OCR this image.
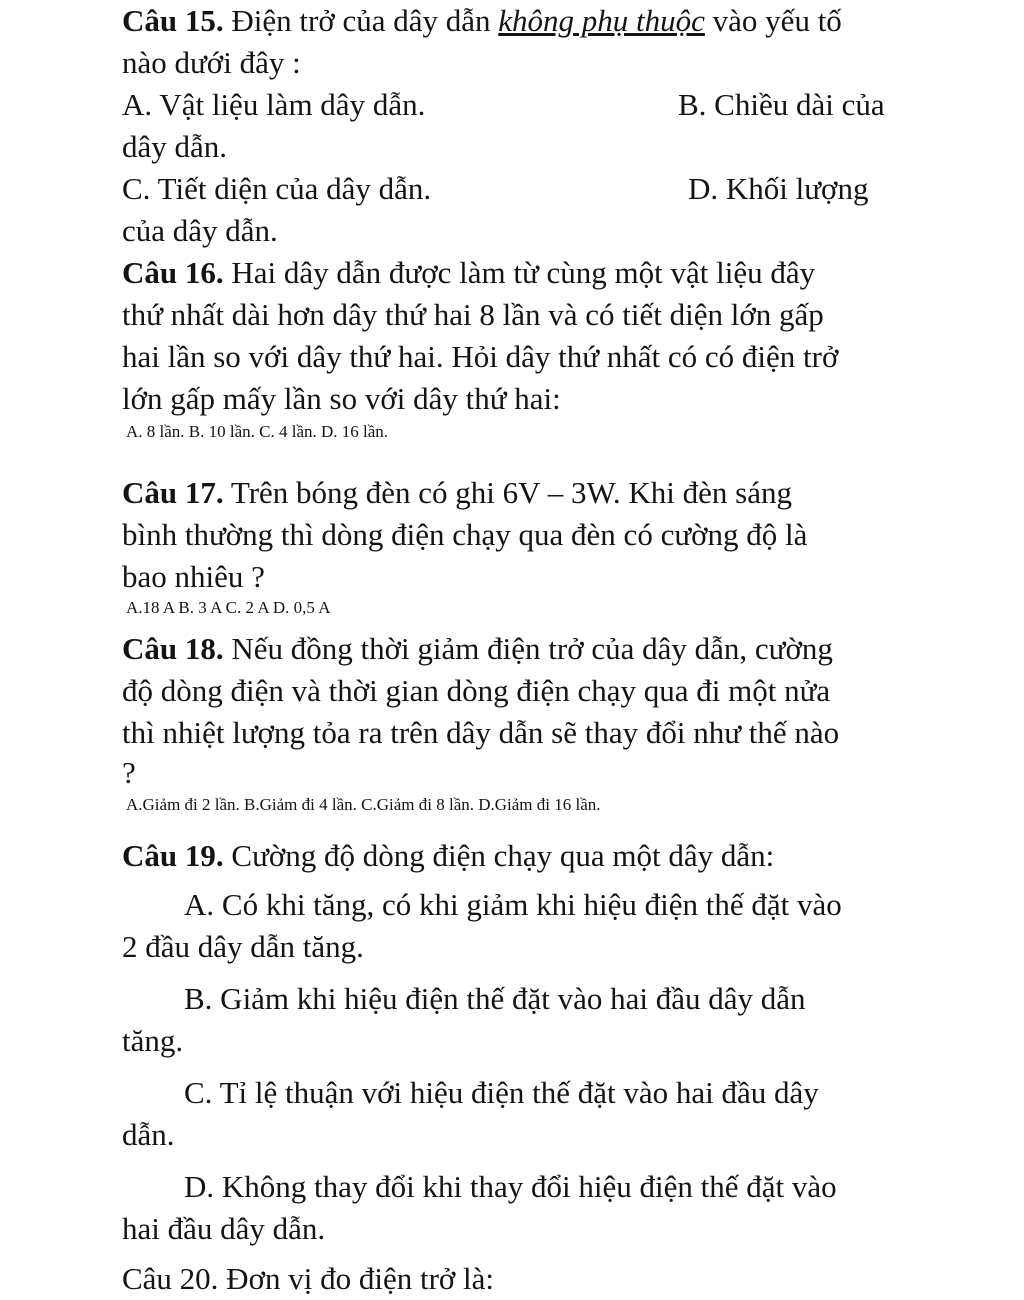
Câu 15. Điện trở của dây dẫn không phụ thuộc vào yếu tố
nào dưới đây :
A. Vật liệu làm dây dẫn.	B. Chiều dài của
dây dẫn.
C. Tiết diện của dây dẫn.	D. Khối lượng
của dây dẫn.
Câu 16. Hai dây dẫn được làm từ cùng một vật liệu đây
thứ nhất dài hơn dây thứ hai 8 lần và có tiết diện lớn gấp
hai lần so với dây thứ hai. Hỏi dây thứ nhất có có điện trở
lớn gấp mấy lần so với dây thứ hai:
A. 8 lần. B. 10 lần. C. 4 lần. D. 16 lần.
Câu 17. Trên bóng đèn có ghi 6V – 3W. Khi đèn sáng
bình thường thì dòng điện chạy qua đèn có cường độ là
bao nhiêu ?
A.18 A B. 3 A C. 2 A D. 0,5 A
Câu 18. Nếu đồng thời giảm điện trở của dây dẫn, cường
độ dòng điện và thời gian dòng điện chạy qua đi một nửa
thì nhiệt lượng tỏa ra trên dây dẫn sẽ thay đổi như thế nào
?
A.Giảm đi 2 lần. B.Giảm đi 4 lần. C.Giảm đi 8 lần. D.Giảm đi 16 lần.
Câu 19. Cường độ dòng điện chạy qua một dây dẫn:
A. Có khi tăng, có khi giảm khi hiệu điện thế đặt vào
2 đầu dây dẫn tăng.
B. Giảm khi hiệu điện thế đặt vào hai đầu dây dẫn
tăng.
C. Tỉ lệ thuận với hiệu điện thế đặt vào hai đầu dây
dẫn.
D. Không thay đổi khi thay đổi hiệu điện thế đặt vào
hai đầu dây dẫn.
Câu 20. Đơn vị đo điện trở là:
